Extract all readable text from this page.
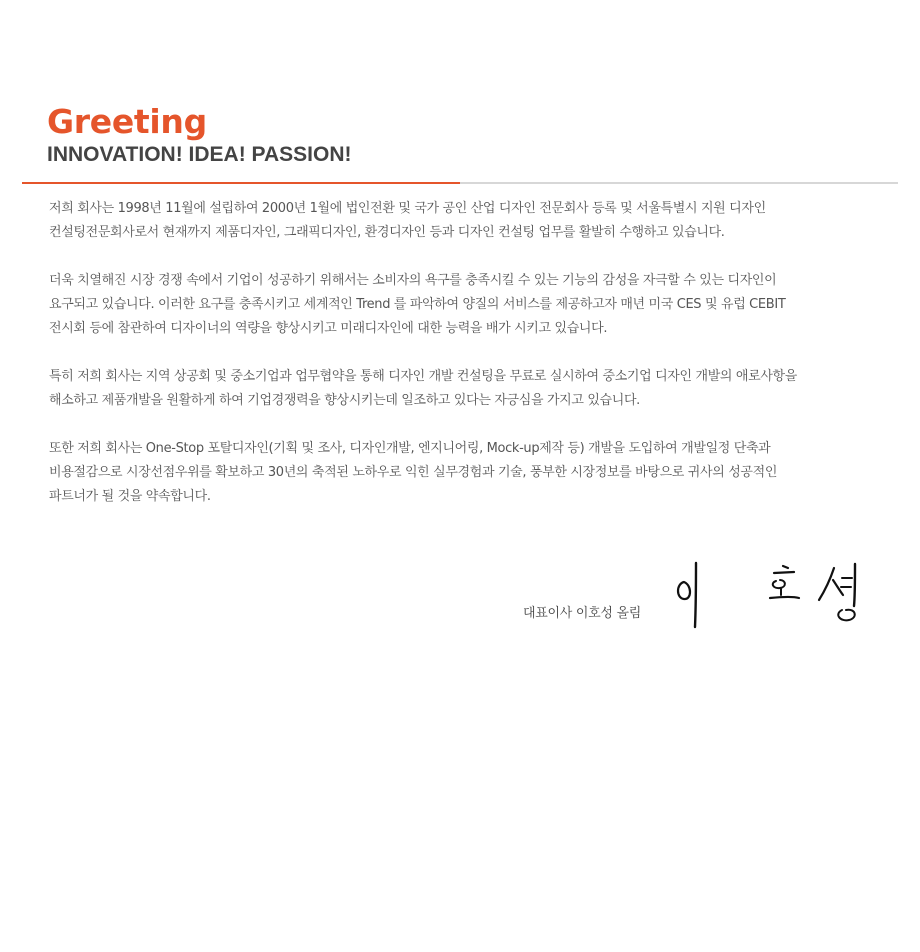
Greeting
INNOVATION! IDEA! PASSION!

저희 회사는 1998년 11월에 설립하여 2000년 1월에 법인전환 및 국가 공인 산업 디자인 전문회사 등록 및 서울특별시 지원 디자인
컨설팅전문회사로서 현재까지 제품디자인, 그래픽디자인, 환경디자인 등과 디자인 컨설팅 업무를 활발히 수행하고 있습니다.

더욱 치열해진 시장 경쟁 속에서 기업이 성공하기 위해서는 소비자의 욕구를 충족시킬 수 있는 기능의 감성을 자극할 수 있는 디자인이
요구되고 있습니다. 이러한 요구를 충족시키고 세계적인 Trend 를 파악하여 양질의 서비스를 제공하고자 매년 미국 CES 및 유럽 CEBIT
전시회 등에 참관하여 디자이너의 역량을 향상시키고 미래디자인에 대한 능력을 배가 시키고 있습니다.

특히 저희 회사는 지역 상공회 및 중소기업과 업무협약을 통해 디자인 개발 컨설팅을 무료로 실시하여 중소기업 디자인 개발의 애로사항을
해소하고 제품개발을 원활하게 하여 기업경쟁력을 향상시키는데 일조하고 있다는 자긍심을 가지고 있습니다.

또한 저희 회사는 One-Stop 포탈디자인(기획 및 조사, 디자인개발, 엔지니어링, Mock-up제작 등) 개발을 도입하여 개발일정 단축과
비용절감으로 시장선점우위를 확보하고 30년의 축적된 노하우로 익힌 실무경험과 기술, 풍부한 시장정보를 바탕으로 귀사의 성공적인
파트너가 될 것을 약속합니다.

대표이사 이호성 올림
